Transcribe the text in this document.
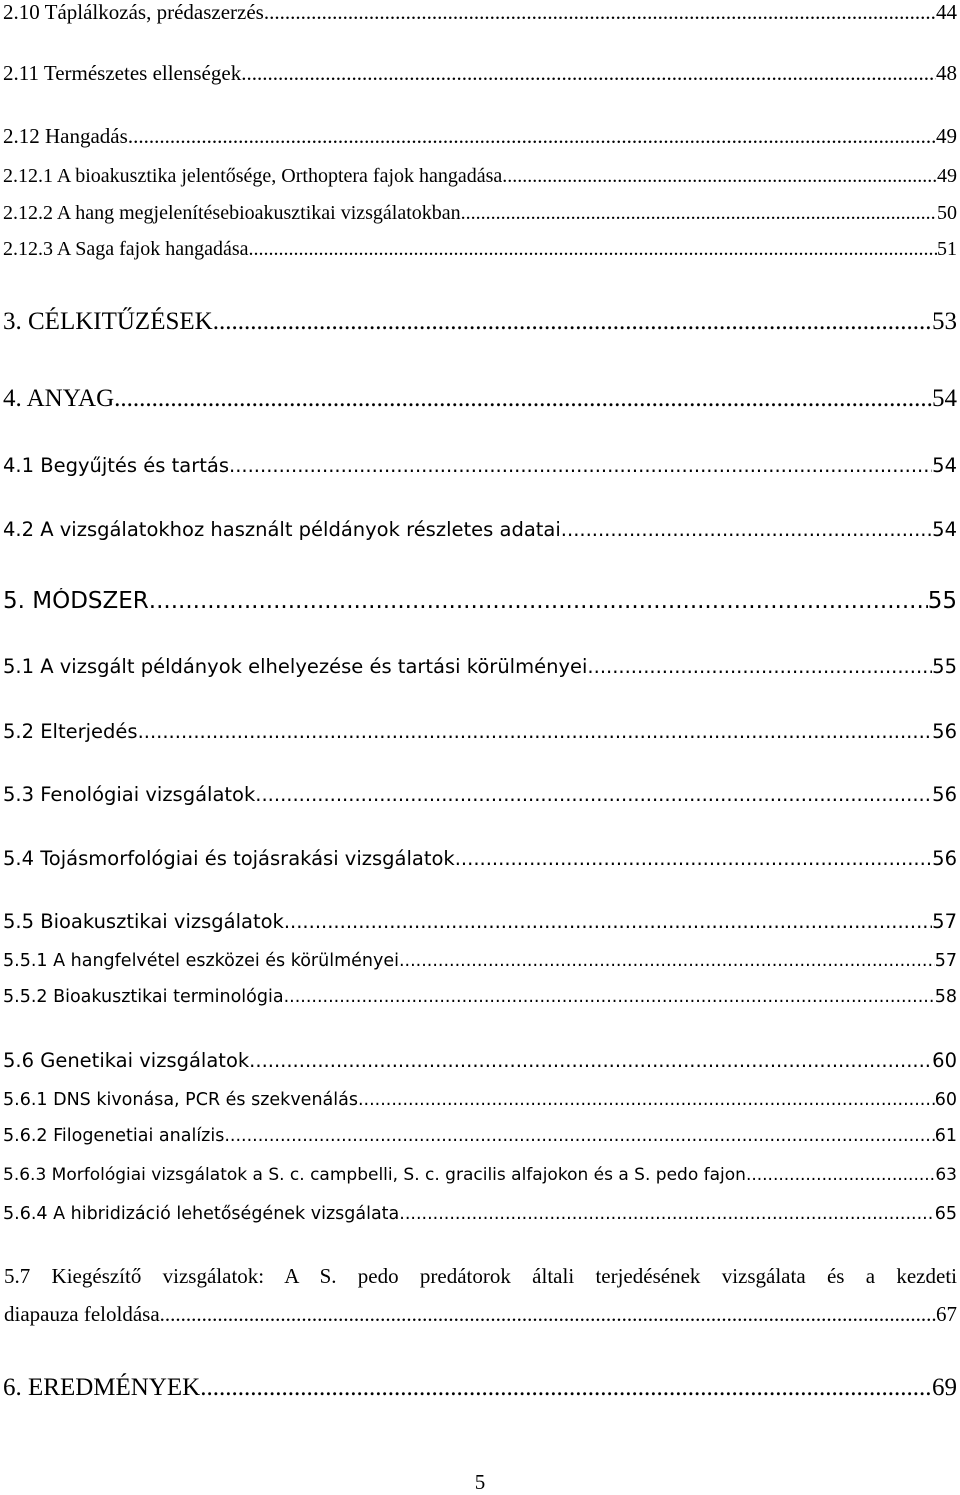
2.10 Táplálkozás, prédaszerzés .....	44
2.11 Természetes ellenségek .....	48
2.12 Hangadás .....	49
2.12.1 A bioakusztika jelentősége, Orthoptera fajok hangadása .....	49
2.12.2 A hang megjelenítésebioakusztikai vizsgálatokban .....	50
2.12.3 A Saga fajok hangadása .....	51
3. CÉLKITŰZÉSEK .....	53
4. ANYAG .....	54
4.1 Begyűjtés és tartás .....	54
4.2 A vizsgálatokhoz használt példányok részletes adatai .....	54
5. MÓDSZER .....	55
5.1 A vizsgált példányok elhelyezése és tartási körülményei .....	55
5.2 Elterjedés .....	56
5.3 Fenológiai vizsgálatok .....	56
5.4 Tojásmorfológiai és tojásrakási vizsgálatok .....	56
5.5 Bioakusztikai vizsgálatok .....	57
5.5.1 A hangfelvétel eszközei és körülményei .....	57
5.5.2 Bioakusztikai terminológia .....	58
5.6 Genetikai vizsgálatok .....	60
5.6.1 DNS kivonása, PCR és szekvenálás .....	60
5.6.2 Filogenetiai analízis .....	61
5.6.3 Morfológiai vizsgálatok a S. c. campbelli, S. c. gracilis alfajokon és a S. pedo fajon .....	63
5.6.4 A hibridizáció lehetőségének vizsgálata .....	65
5.7 Kiegészítő vizsgálatok: A S. pedo predátorok általi terjedésének vizsgálata és a kezdeti
diapauza feloldása .....	67
6. EREDMÉNYEK .....	69
5
